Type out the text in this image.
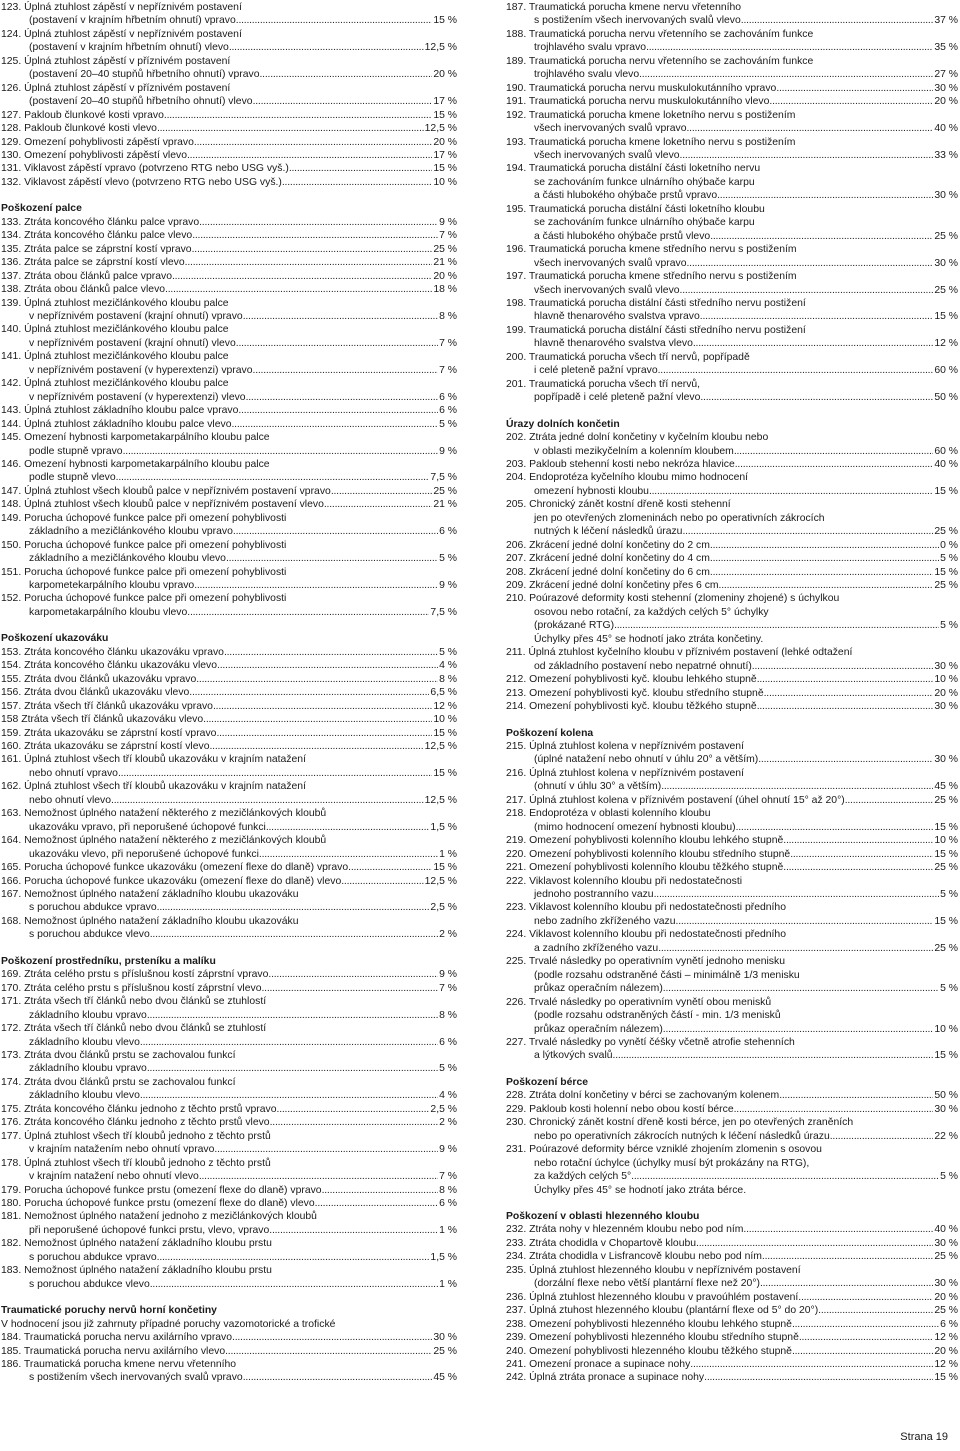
123. Úplná ztuhlost zápěstí v nepříznivém postavení
(postavení v krajním hřbetním ohnutí) vpravo . . .	15 %
124. Úplná ztuhlost zápěstí v nepříznivém postavení
(postavení v krajním hřbetním ohnutí) vlevo . . .	12,5 %
125. Úplná ztuhlost zápěstí v příznivém postavení
(postavení 20–40 stupňů hřbetního ohnutí) vpravo . . .	20 %
126. Úplná ztuhlost zápěstí v příznivém postavení
(postavení 20–40 stupňů hřbetního ohnutí) vlevo . . .	17 %
127. Pakloub člunkové kosti vpravo . . .	15 %
128. Pakloub člunkové kosti vlevo . . .	12,5 %
129. Omezení pohyblivosti zápěstí vpravo . . .	20 %
130. Omezení pohyblivosti zápěstí vlevo . . .	17 %
131. Viklavost zápěstí vpravo (potvrzeno RTG nebo USG vyš.) . . .	15 %
132. Viklavost zápěstí vlevo (potvrzeno RTG nebo USG vyš.) . . .	10 %
Poškození palce
133. Ztráta koncového článku palce vpravo . . .	9 %
134. Ztráta koncového článku palce vlevo . . .	7 %
135. Ztráta palce se záprstní kostí vpravo . . .	25 %
136. Ztráta palce se záprstní kostí vlevo . . .	21 %
137. Ztráta obou článků palce vpravo . . .	20 %
138. Ztráta obou článků palce vlevo . . .	18 %
139. Úplná ztuhlost mezičlánkového kloubu palce
v nepříznivém postavení (krajní ohnutí) vpravo . . .	8 %
140. Úplná ztuhlost mezičlánkového kloubu palce
v nepříznivém postavení (krajní ohnutí) vlevo . . .	7 %
141. Úplná ztuhlost mezičlánkového kloubu palce
v nepříznivém postavení (v hyperextenzi) vpravo . . .	7 %
142. Úplná ztuhlost mezičlánkového kloubu palce
v nepříznivém postavení (v hyperextenzi) vlevo . . .	6 %
143. Úplná ztuhlost základního kloubu palce vpravo . . .	6 %
144. Úplná ztuhlost základního kloubu palce vlevo . . .	5 %
145. Omezení hybnosti karpometakarpálního kloubu palce
podle stupně vpravo . . .	9 %
146. Omezení hybnosti karpometakarpálního kloubu palce
podle stupně vlevo . . .	7,5 %
147. Úplná ztuhlost všech kloubů palce v nepříznivém postavení vpravo . . .	25 %
148. Úplná ztuhlost všech kloubů palce v nepříznivém postavení vlevo . . .	21 %
149. Porucha úchopové funkce palce při omezení pohyblivosti
základního a mezičlánkového kloubu vpravo . . .	6 %
150. Porucha úchopové funkce palce při omezení pohyblivosti
základního a mezičlánkového kloubu vlevo . . .	5 %
151. Porucha úchopové funkce palce při omezení pohyblivosti
karpometekarpálního kloubu vpravo . . .	9 %
152. Porucha úchopové funkce palce při omezení pohyblivosti
karpometakarpálního kloubu vlevo . . .	7,5 %
Poškození ukazováku
153. Ztráta koncového článku ukazováku vpravo . . .	5 %
154. Ztráta koncového článku ukazováku vlevo . . .	4 %
155. Ztráta dvou článků ukazováku vpravo . . .	8 %
156. Ztráta dvou článků ukazováku vlevo . . .	6,5 %
157. Ztráta všech tří článků ukazováku vpravo . . .	12 %
158 Ztráta všech tří článků ukazováku vlevo . . .	10 %
159. Ztráta ukazováku se záprstní kostí vpravo . . .	15 %
160. Ztráta ukazováku se záprstní kostí vlevo . . .	12,5 %
161. Úplná ztuhlost všech tří kloubů ukazováku v krajním natažení
nebo ohnutí vpravo . . .	15 %
162. Úplná ztuhlost všech tří kloubů ukazováku v krajním natažení
nebo ohnutí vlevo . . .	12,5 %
163. Nemožnost úplného natažení některého z mezičlánkových kloubů
ukazováku vpravo, při neporušené úchopové funkci . . .	1,5 %
164. Nemožnost úplného natažení některého z mezičlánkových kloubů
ukazováku vlevo, při neporušené úchopové funkci . . .	1 %
165. Porucha úchopové funkce ukazováku (omezení flexe do dlaně) vpravo . . .	15 %
166. Porucha úchopové funkce ukazováku (omezení flexe do dlaně) vlevo . . .	12,5 %
167. Nemožnost úplného natažení základního kloubu ukazováku
s poruchou abdukce vpravo . . .	2,5 %
168. Nemožnost úplného natažení základního kloubu ukazováku
s poruchou abdukce vlevo . . .	2 %
Poškození prostředníku, prsteníku a malíku
169. Ztráta celého prstu s příslušnou kostí záprstní vpravo . . .	9 %
170. Ztráta celého prstu s příslušnou kostí záprstní vlevo . . .	7 %
171. Ztráta všech tří článků nebo dvou článků se ztuhlostí
základního kloubu vpravo . . .	8 %
172. Ztráta všech tří článků nebo dvou článků se ztuhlostí
základního kloubu vlevo . . .	6 %
173. Ztráta dvou článků prstu se zachovalou funkcí
základního kloubu vpravo . . .	5 %
174. Ztráta dvou článků prstu se zachovalou funkcí
základního kloubu vlevo . . .	4 %
175. Ztráta koncového článku jednoho z těchto prstů vpravo . . .	2,5 %
176. Ztráta koncového článku jednoho z těchto prstů vlevo . . .	2 %
177. Úplná ztuhlost všech tří kloubů jednoho z těchto prstů
v krajním natažením nebo ohnutí vpravo . . .	9 %
178. Úplná ztuhlost všech tří kloubů jednoho z těchto prstů
v krajním natažení nebo ohnutí vlevo . . .	7 %
179. Porucha úchopové funkce prstu (omezení flexe do dlaně) vpravo . . .	8 %
180. Porucha úchopové funkce prstu (omezení flexe do dlaně) vlevo . . .	6 %
181. Nemožnost úplného natažení jednoho z mezičlánkových kloubů
při neporušené úchopové funkci prstu, vlevo, vpravo . . .	1 %
182. Nemožnost úplného natažení základního kloubu prstu
s poruchou abdukce vpravo . . .	1,5 %
183. Nemožnost úplného natažení základního kloubu prstu
s poruchou abdukce vlevo . . .	1 %
Traumatické poruchy nervů horní končetiny
V hodnocení jsou již zahrnuty případné poruchy vazomotorické a trofické
184. Traumatická porucha nervu axilárního vpravo . . .	30 %
185. Traumatická porucha nervu axilárního vlevo . . .	25 %
186. Traumatická porucha kmene nervu vřetenního
s postižením všech inervovaných svalů vpravo . . .	45 %
187. Traumatická porucha kmene nervu vřetenního
s postižením všech inervovaných svalů vlevo . . .	37 %
188. Traumatická porucha nervu vřetenního se zachováním funkce
trojhlavého svalu vpravo . . .	35 %
189. Traumatická porucha nervu vřetenního se zachováním funkce
trojhlavého svalu vlevo . . .	27 %
190. Traumatická porucha nervu muskulokutánního vpravo . . .	30 %
191. Traumatická porucha nervu muskulokutánního vlevo . . .	20 %
192. Traumatická porucha kmene loketního nervu s postižením
všech inervovaných svalů vpravo . . .	40 %
193. Traumatická porucha kmene loketního nervu s postižením
všech inervovaných svalů vlevo . . .	33 %
194. Traumatická porucha distální části loketního nervu
se zachováním funkce ulnárního ohýbače karpu
a části hlubokého ohýbače prstů vpravo . . .	30 %
195. Traumatická porucha distální části loketního kloubu
se zachováním funkce ulnárního ohýbače karpu
a části hlubokého ohýbače prstů vlevo . . .	25 %
196. Traumatická porucha kmene středního nervu s postižením
všech inervovaných svalů vpravo . . .	30 %
197. Traumatická porucha kmene středního nervu s postižením
všech inervovaných svalů vlevo . . .	25 %
198. Traumatická porucha distální části středního nervu postižení
hlavně thenarového svalstva vpravo . . .	15 %
199. Traumatická porucha distální části středního nervu postižení
hlavně thenarového svalstva vlevo . . .	12 %
200. Traumatická porucha všech tří nervů, popřípadě
i celé pleteně pažní vpravo . . .	60 %
201. Traumatická porucha všech tří nervů,
popřípadě i celé pleteně pažní vlevo . . .	50 %
Úrazy dolních končetin
202. Ztráta jedné dolní končetiny v kyčelním kloubu nebo
v oblasti mezikyčelním a kolenním kloubem . . .	60 %
203. Pakloub stehenní kosti nebo nekróza hlavice . . .	40 %
204. Endoprotéza kyčelního kloubu mimo hodnocení
omezení hybnosti kloubu . . .	15 %
205. Chronický zánět kostní dřeně kosti stehenní
jen po otevřených zlomeninách nebo po operativních zákrocích
nutných k léčení následků úrazu . . .	25 %
206. Zkrácení jedné dolní končetiny do 2 cm . . .	0 %
207. Zkrácení jedné dolní končetiny do 4 cm . . .	5 %
208. Zkrácení jedné dolní končetiny do 6 cm . . .	15 %
209. Zkrácení jedné dolní končetiny přes 6 cm . . .	25 %
210. Poúrazové deformity kosti stehenní (zlomeniny zhojené) s úchylkou
osovou nebo rotační, za každých celých 5° úchylky
(prokázané RTG) . . .	5 %
Úchylky přes 45° se hodnotí jako ztráta končetiny.
211. Úplná ztuhlost kyčelního kloubu v příznivém postavení (lehké odtažení
od základního postavení nebo nepatrné ohnutí) . . .	30 %
212. Omezení pohyblivosti kyč. kloubu lehkého stupně . . .	10 %
213. Omezení pohyblivosti kyč. kloubu středního stupně . . .	20 %
214. Omezení pohyblivosti kyč. kloubu těžkého stupně . . .	30 %
Poškození kolena
215. Úplná ztuhlost kolena v nepříznivém postavení
(úplné natažení nebo ohnutí v úhlu 20° a větším) . . .	30 %
216. Úplná ztuhlost kolena v nepříznivém postavení
(ohnutí v úhlu 30° a větším) . . .	45 %
217. Úplná ztuhlost kolena v příznivém postavení (úhel ohnutí 15° až 20°) . . .	25 %
218. Endoprotéza v oblasti kolenního kloubu
(mimo hodnocení omezení hybnosti kloubu) . . .	15 %
219. Omezení pohyblivosti kolenního kloubu lehkého stupně . . .	10 %
220. Omezení pohyblivosti kolenního kloubu středního stupně . . .	15 %
221. Omezení pohyblivosti kolenního kloubu těžkého stupně . . .	25 %
222. Viklavost kolenního kloubu při nedostatečnosti
jednoho postranního vazu . . .	5 %
223. Viklavost kolenního kloubu při nedostatečnosti předního
nebo zadního zkříženého vazu . . .	15 %
224. Viklavost kolenního kloubu při nedostatečnosti předního
a zadního zkříženého vazu . . .	25 %
225. Trvalé následky po operativním vynětí jednoho menisku
(podle rozsahu odstraněné části – minimálně 1/3 menisku
průkaz operačním nálezem) . . .	5 %
226. Trvalé následky po operativním vynětí obou menisků
(podle rozsahu odstraněných částí - min. 1/3 menisků
průkaz operačním nálezem) . . .	10 %
227. Trvalé následky po vynětí čéšky včetně atrofie stehenních
a lýtkových svalů . . .	15 %
Poškození bérce
228. Ztráta dolní končetiny v bérci se zachovaným kolenem . . .	50 %
229. Pakloub kosti holenní nebo obou kostí bérce . . .	30 %
230. Chronický zánět kostní dřeně kosti bérce, jen po otevřených zraněních
nebo po operativních zákrocích nutných k léčení následků úrazu . . .	22 %
231. Poúrazové deformity bérce vzniklé zhojením zlomenin s osovou
nebo rotační úchylce (úchylky musí být prokázány na RTG),
za každých celých 5° . . .	5 %
Úchylky přes 45° se hodnotí jako ztráta bérce.
Poškození v oblasti hlezenného kloubu
232. Ztráta nohy v hlezenném kloubu nebo pod ním . . .	40 %
233. Ztráta chodidla v Chopartově kloubu . . .	30 %
234. Ztráta chodidla v Lisfrancově kloubu nebo pod ním . . .	25 %
235. Úplná ztuhlost hlezenného kloubu v nepříznivém postavení
(dorzální flexe nebo větší plantární flexe než 20°) . . .	30 %
236. Úplná ztuhlost hlezenného kloubu v pravoúhlém postavení . . .	20 %
237. Úplná ztuhost hlezenného kloubu (plantární flexe od 5° do 20°) . . .	25 %
238. Omezení pohyblivosti hlezenného kloubu lehkého stupně . . .	6 %
239. Omezení pohyblivosti hlezenného kloubu středního stupně . . .	12 %
240. Omezení pohyblivosti hlezenného kloubu těžkého stupně . . .	20 %
241. Omezení pronace a supinace nohy . . .	12 %
242. Úplná ztráta pronace a supinace nohy . . .	15 %
Strana 19
